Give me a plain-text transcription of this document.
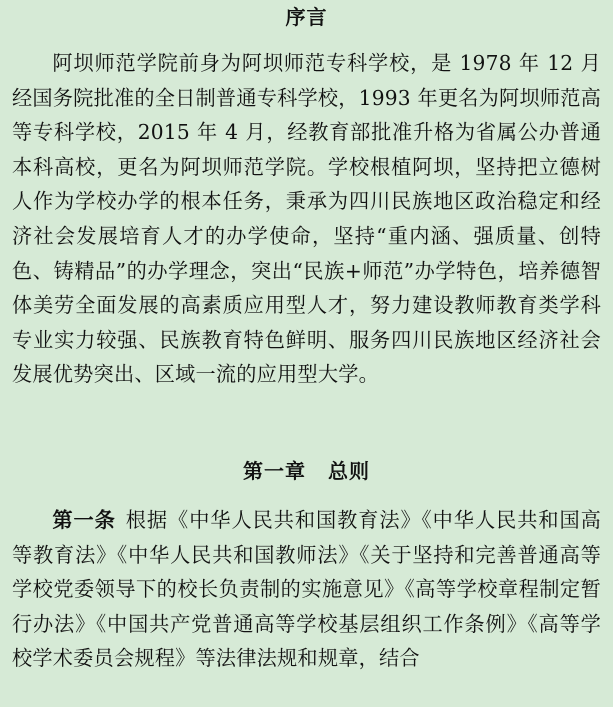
序言

阿坝师范学院前身为阿坝师范专科学校，是 1978 年 12 月经国务院批准的全日制普通专科学校，1993 年更名为阿坝师范高等专科学校，2015 年 4 月，经教育部批准升格为省属公办普通本科高校，更名为阿坝师范学院。学校根植阿坝，坚持把立德树人作为学校办学的根本任务，秉承为四川民族地区政治稳定和经济社会发展培育人才的办学使命，坚持“重内涵、强质量、创特色、铸精品”的办学理念，突出“民族+师范”办学特色，培养德智体美劳全面发展的高素质应用型人才，努力建设教师教育类学科专业实力较强、民族教育特色鲜明、服务四川民族地区经济社会发展优势突出、区域一流的应用型大学。

第一章 总则

第一条 根据《中华人民共和国教育法》《中华人民共和国高等教育法》《中华人民共和国教师法》《关于坚持和完善普通高等学校党委领导下的校长负责制的实施意见》《高等学校章程制定暂行办法》《中国共产党普通高等学校基层组织工作条例》《高等学校学术委员会规程》等法律法规和规章，结合
